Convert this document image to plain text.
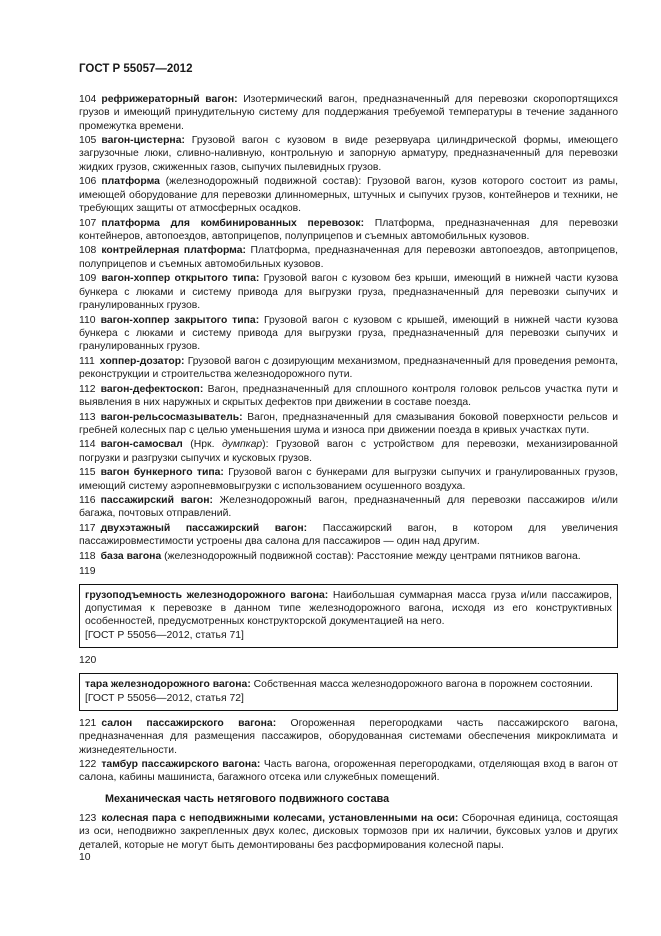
ГОСТ Р 55057—2012
104 рефрижераторный вагон: Изотермический вагон, предназначенный для перевозки скоропортящихся грузов и имеющий принудительную систему для поддержания требуемой температуры в течение заданного промежутка времени.
105 вагон-цистерна: Грузовой вагон с кузовом в виде резервуара цилиндрической формы, имеющего загрузочные люки, сливно-наливную, контрольную и запорную арматуру, предназначенный для перевозки жидких грузов, сжиженных газов, сыпучих пылевидных грузов.
106 платформа (железнодорожный подвижной состав): Грузовой вагон, кузов которого состоит из рамы, имеющей оборудование для перевозки длинномерных, штучных и сыпучих грузов, контейнеров и техники, не требующих защиты от атмосферных осадков.
107 платформа для комбинированных перевозок: Платформа, предназначенная для перевозки контейнеров, автопоездов, автоприцепов, полуприцепов и съемных автомобильных кузовов.
108 контрейлерная платформа: Платформа, предназначенная для перевозки автопоездов, автоприцепов, полуприцепов и съемных автомобильных кузовов.
109 вагон-хоппер открытого типа: Грузовой вагон с кузовом без крыши, имеющий в нижней части кузова бункера с люками и систему привода для выгрузки груза, предназначенный для перевозки сыпучих и гранулированных грузов.
110 вагон-хоппер закрытого типа: Грузовой вагон с кузовом с крышей, имеющий в нижней части кузова бункера с люками и систему привода для выгрузки груза, предназначенный для перевозки сыпучих и гранулированных грузов.
111 хоппер-дозатор: Грузовой вагон с дозирующим механизмом, предназначенный для проведения ремонта, реконструкции и строительства железнодорожного пути.
112 вагон-дефектоскоп: Вагон, предназначенный для сплошного контроля головок рельсов участка пути и выявления в них наружных и скрытых дефектов при движении в составе поезда.
113 вагон-рельсосмазыватель: Вагон, предназначенный для смазывания боковой поверхности рельсов и гребней колесных пар с целью уменьшения шума и износа при движении поезда в кривых участках пути.
114 вагон-самосвал (Нрк. думпкар): Грузовой вагон с устройством для перевозки, механизированной погрузки и разгрузки сыпучих и кусковых грузов.
115 вагон бункерного типа: Грузовой вагон с бункерами для выгрузки сыпучих и гранулированных грузов, имеющий систему аэропневмовыгрузки с использованием осушенного воздуха.
116 пассажирский вагон: Железнодорожный вагон, предназначенный для перевозки пассажиров и/или багажа, почтовых отправлений.
117 двухэтажный пассажирский вагон: Пассажирский вагон, в котором для увеличения пассажировместимости устроены два салона для пассажиров — один над другим.
118 база вагона (железнодорожный подвижной состав): Расстояние между центрами пятников вагона.
119
грузоподъемность железнодорожного вагона: Наибольшая суммарная масса груза и/или пассажиров, допустимая к перевозке в данном типе железнодорожного вагона, исходя из его конструктивных особенностей, предусмотренных конструкторской документацией на него.
[ГОСТ Р 55056—2012, статья 71]
120
тара железнодорожного вагона: Собственная масса железнодорожного вагона в порожнем состоянии.
[ГОСТ Р 55056—2012, статья 72]
121 салон пассажирского вагона: Огороженная перегородками часть пассажирского вагона, предназначенная для размещения пассажиров, оборудованная системами обеспечения микроклимата и жизнедеятельности.
122 тамбур пассажирского вагона: Часть вагона, огороженная перегородками, отделяющая вход в вагон от салона, кабины машиниста, багажного отсека или служебных помещений.
Механическая часть нетягового подвижного состава
123 колесная пара с неподвижными колесами, установленными на оси: Сборочная единица, состоящая из оси, неподвижно закрепленных двух колес, дисковых тормозов при их наличии, буксовых узлов и других деталей, которые не могут быть демонтированы без расформирования колесной пары.
10
